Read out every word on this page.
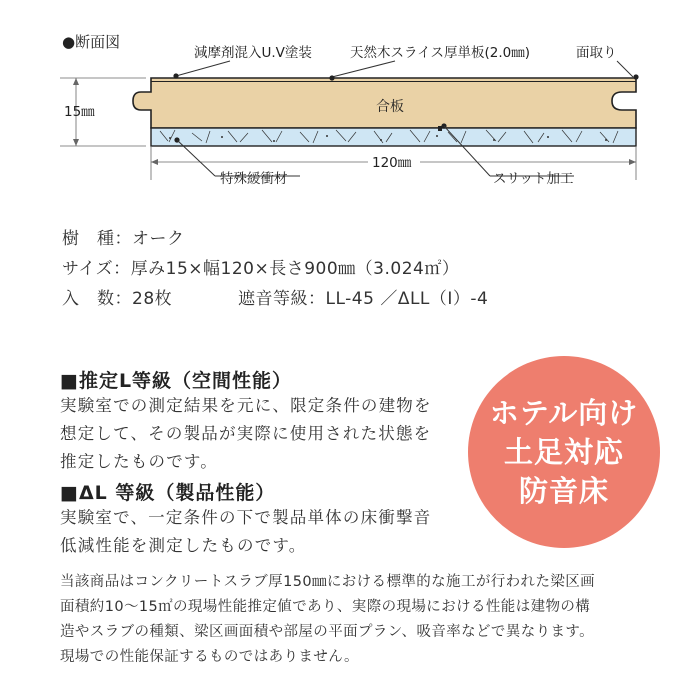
●断面図
減摩剤混入U.V塗装	天然木スライス厚単板(2.0㎜)	面取り
合板
15㎜
120㎜
特殊緩衝材	スリット加工
樹　種：オーク
サイズ：厚み15×幅120×長さ900㎜（3.024㎡）
入　数：28枚	遮音等級：LL-45 ／ΔLL（Ⅰ）-4
■推定L等級（空間性能）
実験室での測定結果を元に、限定条件の建物を
想定して、その製品が実際に使用された状態を
推定したものです。
■ΔL 等級（製品性能）
実験室で、一定条件の下で製品単体の床衝撃音
低減性能を測定したものです。
ホテル向け
土足対応
防音床
当該商品はコンクリートスラブ厚150㎜における標準的な施工が行われた梁区画
面積約10～15㎡の現場性能推定値であり、実際の現場における性能は建物の構
造やスラブの種類、梁区画面積や部屋の平面プラン、吸音率などで異なります。
現場での性能保証するものではありません。
